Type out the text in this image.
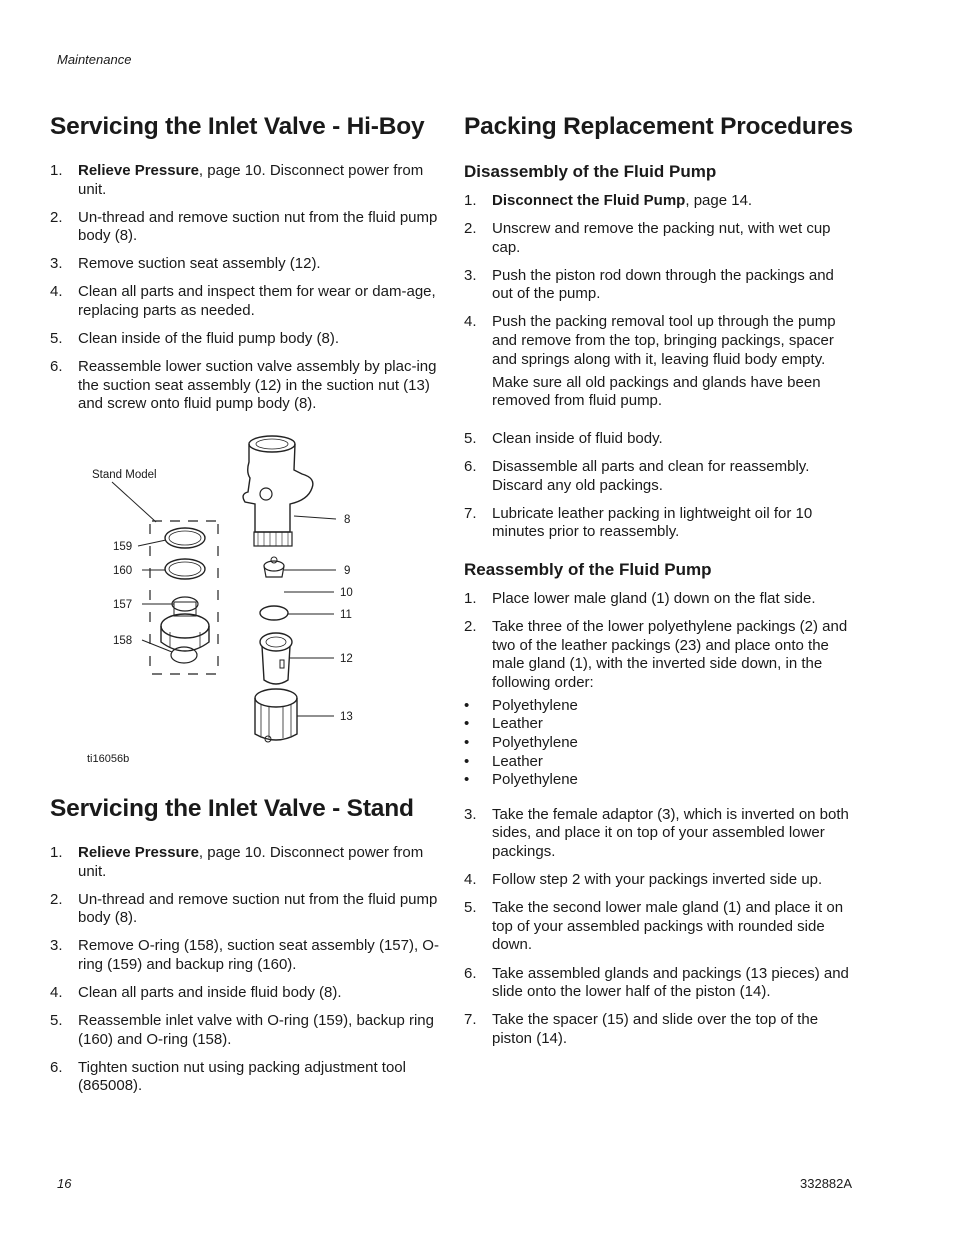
Maintenance
Servicing the Inlet Valve - Hi-Boy
1. Relieve Pressure, page 10. Disconnect power from unit.
2. Un-thread and remove suction nut from the fluid pump body (8).
3. Remove suction seat assembly (12).
4. Clean all parts and inspect them for wear or dam-age, replacing parts as needed.
5. Clean inside of the fluid pump body (8).
6. Reassemble lower suction valve assembly by plac-ing the suction seat assembly (12) in the suction nut (13) and screw onto fluid pump body (8).
Stand Model
159
160
157
158
8
9
10
11
12
13
ti16056b
Servicing the Inlet Valve - Stand
1. Relieve Pressure, page 10. Disconnect power from unit.
2. Un-thread and remove suction nut from the fluid pump body (8).
3. Remove O-ring (158), suction seat assembly (157), O-ring (159) and backup ring (160).
4. Clean all parts and inside fluid body (8).
5. Reassemble inlet valve with O-ring (159), backup ring (160) and O-ring (158).
6. Tighten suction nut using packing adjustment tool (865008).
Packing Replacement Procedures
Disassembly of the Fluid Pump
1. Disconnect the Fluid Pump, page 14.
2. Unscrew and remove the packing nut, with wet cup cap.
3. Push the piston rod down through the packings and out of the pump.
4. Push the packing removal tool up through the pump and remove from the top, bringing packings, spacer and springs along with it, leaving fluid body empty.
Make sure all old packings and glands have been removed from fluid pump.
5. Clean inside of fluid body.
6. Disassemble all parts and clean for reassembly. Discard any old packings.
7. Lubricate leather packing in lightweight oil for 10 minutes prior to reassembly.
Reassembly of the Fluid Pump
1. Place lower male gland (1) down on the flat side.
2. Take three of the lower polyethylene packings (2) and two of the leather packings (23) and place onto the male gland (1), with the inverted side down, in the following order:
• Polyethylene
• Leather
• Polyethylene
• Leather
• Polyethylene
3. Take the female adaptor (3), which is inverted on both sides, and place it on top of your assembled lower packings.
4. Follow step 2 with your packings inverted side up.
5. Take the second lower male gland (1) and place it on top of your assembled packings with rounded side down.
6. Take assembled glands and packings (13 pieces) and slide onto the lower half of the piston (14).
7. Take the spacer (15) and slide over the top of the piston (14).
16	332882A
